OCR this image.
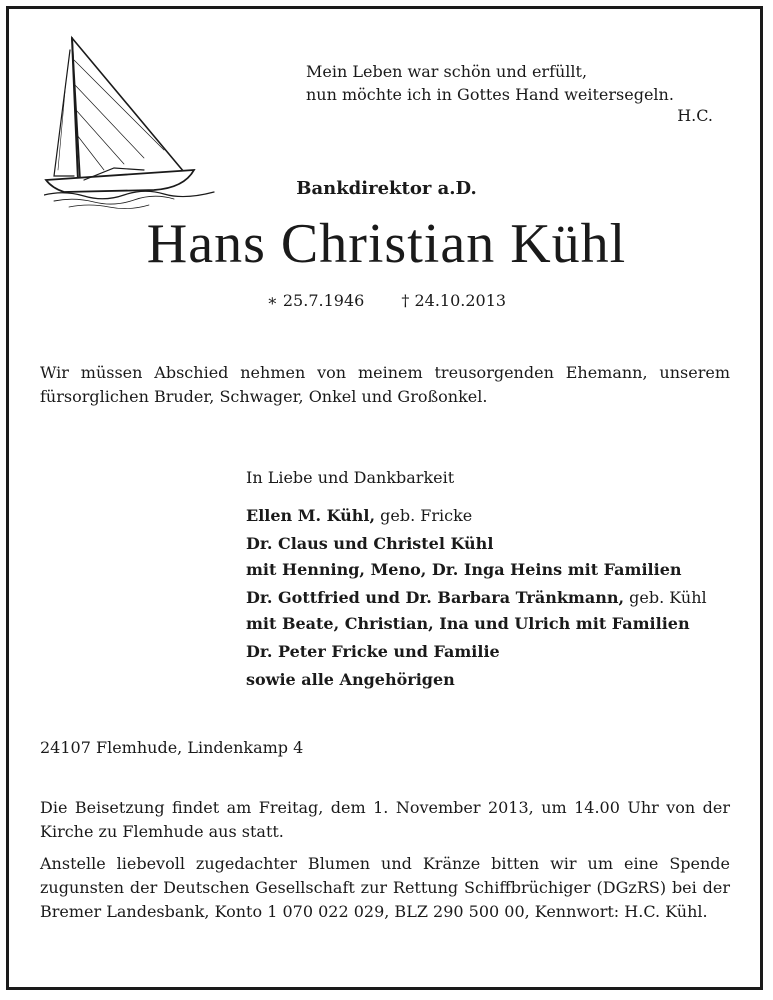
Mein Leben war schön und erfüllt,
nun möchte ich in Gottes Hand weitersegeln.
H.C.
Bankdirektor a.D.
Hans Christian Kühl
∗ 25.7.1946 † 24.10.2013
Wir müssen Abschied nehmen von meinem treusorgenden Ehemann, unserem fürsorglichen Bruder, Schwager, Onkel und Großonkel.
In Liebe und Dankbarkeit
Ellen M. Kühl, geb. Fricke
Dr. Claus und Christel Kühl
mit Henning, Meno, Dr. Inga Heins mit Familien
Dr. Gottfried und Dr. Barbara Tränkmann, geb. Kühl
mit Beate, Christian, Ina und Ulrich mit Familien
Dr. Peter Fricke und Familie
sowie alle Angehörigen
24107 Flemhude, Lindenkamp 4
Die Beisetzung findet am Freitag, dem 1. November 2013, um 14.00 Uhr von der Kirche zu Flemhude aus statt.
Anstelle liebevoll zugedachter Blumen und Kränze bitten wir um eine Spende zugunsten der Deutschen Gesellschaft zur Rettung Schiffbrüchiger (DGzRS) bei der Bremer Landesbank, Konto 1 070 022 029, BLZ 290 500 00, Kennwort: H.C. Kühl.
